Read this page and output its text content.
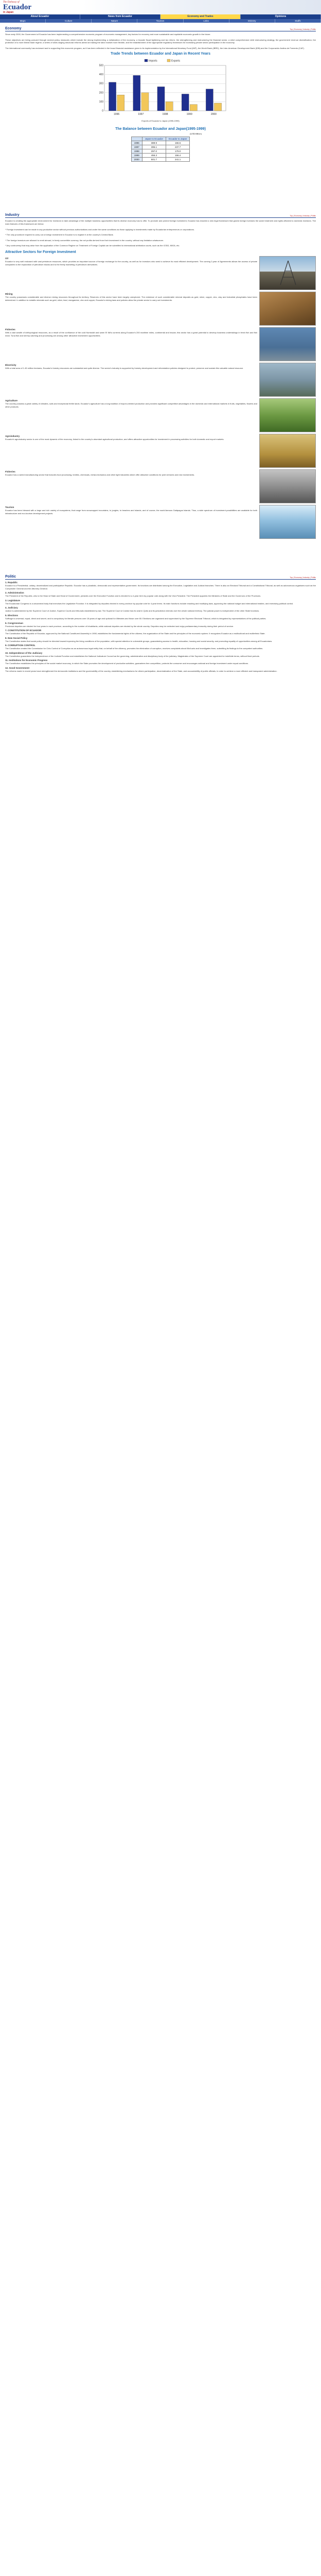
The Embassy of
Ecuador
in Japan
About Ecuador	News from Ecuador	Economy and Trades	Opinions
Maps	Culture	Nature	Tourism	Links	Ministry	Staffs
Economy	Top | Economy | Industry | Politic

Since early 2000, the Government of Ecuador has been implementing a comprehensive economic program of economic management, key factors for recovery and more sustainable and equitable economic growth in the future.

These objectives are being pursued through several policy measures which include the strong implementing a dollarization of the economy, a broader fiscal tightening and tax reform, the strengthening and restructuring the financial sector, a strict comprehensive debt restructuring strategy, the government revenue diversification, the protection of a more liberal trade regime, a series of wide-ranging structural reforms aimed at making the labor market more flexible, and the establishment of the appropriate regulatory framework for increasing private sector participation in the economy.

The international community has endorsed and is supporting this economic program, as it has been reflected in the broad financial assistance given to its implementation by the International Monetary Fund (IMF), the World Bank (IBRD), the Inter-American Development Bank (IDB) and the Corporación Andina de Fomento (CAF).

Trade Trends between Ecuador and Japan in Recent Years
0
100
200
300
400
500
1996	1997	1998	1999	2000
Imports	Exports
Exports of Ecuador to Japan (1995-1999)
The Balance between Ecuador and Japan(1995-1999)
(US$ Million)
	Japan to Ecuador	Ecuador to Japan
1996	389.9	166.5
1997	395.1	237.7
1998	297.0	179.0
1999	455.3	156.4
2000	501.7	241.1
Industry	Top | Economy | Industry | Politic

Ecuador is creating the appropriate environment for investors to take advantage of the multiple business opportunities that its diverse economy has to offer. To promote and protect foreign investment, Ecuador has enacted a new legal framework that grants foreign investors the same treatment and rights afforded to domestic investors. The main features of this framework are below:

* Foreign investment can be made in any productive sector without previous authorizations and under the same conditions as those applying to investments made by Ecuadorian entrepreneurs or corporations.

* The only procedure required to carry out a foreign investment in Ecuador is to register it at the country's Central Bank.

* The foreign investors are allowed to remit abroad, in freely convertible currency, the net profits derived from their investment in the country, without any limitation whatsoever.

* Any controversy that may arise from the application of the Common Regime on Treatment of Foreign Capital can be submitted to international arbitration courts, such as the ICSID, MIGA, etc.

Attractive Sectors for Foreign Investment
Oil
Ecuador is very well endowed with vast petroleum resources, which provides an important source of foreign exchange for the country, as well as for investors who seek to achieve its most efficient development. The coming 2-year of Agreements allows the access of private companies to the exploration of petroleum blocks and to the freely marketing of petroleum derivatives.
Mining
The country possesses considerable and diverse mining resources throughout its territory. Reserves of this sector have been largely unexplored. The existence of such considerable mineral deposits as gold, silver, copper, zinc, clay and industrial phosphates have been determined. In addition to metallic minerals such as gold, silver, lead, manganese, zinc and copper, Ecuador's mining laws and policies allow the private sector to carry out investments.
Fisheries
With a vast wealth of ichthyological resources, as a result of the confluence of the cold Humboldt and warm El Niño currents along Ecuador's 200 maritime miles, continental and insular, this sector has a great potential to develop business undertakings in fresh fish and fish meal. Tuna fish and shrimp catching and processing are among other attractive investment opportunities.
Electricity
With a total area of 1.45 million hectares, Ecuador's forestry resources are substantial and quite diverse. The sector's industry is supported by forestry development and reforestation policies designed to protect, preserve and sustain this valuable natural resource.
Agriculture
The country possess a great variety of climates, soils and exceptional fertile lands. Ecuador's agriculture has a long tradition of export-oriented production and provides significant competitive advantages in the domestic and international markets in fruits, vegetables, flowers and other products.
Agroindustry
Ecuador's agroindustry sector is one of the most dynamic of the economy, linked to the country's abundant agricultural production, and offers attractive opportunities for investment in processing activities for both domestic and export markets.
Fisheries
Ecuador has a varied manufacturing sector that includes food processing, textiles, chemicals, metal-mechanics and other light industries which offer attractive conditions for joint ventures and new investments.
Tourism
Ecuador has been blessed with a large and rich variety of ecosystems, that range from snowcapped mountains, to jungles, to beaches and islands, and of course, the world-famous Galápagos Islands. Thus, a wide spectrum of investment possibilities are available for both infrastructure and eco-tourism development projects.
Politic	Top | Economy | Industry | Politic
1. Republic
Ecuador is a Presidential, unitary, decentralized and participative Republic. Ecuador has a pluralistic, democratic and representative government. Its functions are distributed among the Executive, Legislative and Judicial branches. There is also an Electoral Tribunal and a Constitutional Tribunal, as well as autonomous organisms such as the Comptroller General and the Attorney General.
2. Administration
The President of the Republic, who is the Head of State and Head of Government, presides over the Executive Function and is elected for a 4-year term by popular vote along with the Vice-President. The President appoints the Ministers of State and the Governors of the Provinces.
3. Legislature
The Ecuadorian Congress is a unicameral body that exercises the Legislative Function. It is integrated by deputies elected in every province by popular vote for 4-year terms. Its main functions include enacting and modifying laws, approving the national budget and international treaties, and exercising political control.
4. Judiciary
Justice is administered by the Supreme Court of Justice, Superior Courts and tribunals established by law. The Supreme Court of Justice has its seat in Quito and its jurisdiction extends over the whole national territory. The judicial power is independent of the other State functions.
5. Elections
Suffrage is universal, equal, direct and secret, and is compulsory for literate persons over 18 years of age and optional for illiterates and those over 65. Elections are organized and supervised by the Supreme Electoral Tribunal, which is integrated by representatives of the political parties.
6. Congressman
Provincial deputies are elected for four years in each province, according to the number of inhabitants, while national deputies are elected by the whole country. Deputies may be reelected and enjoy parliamentary immunity during their period of service.
7. CONSTITUTION OF ECUADOR
The Constitution of the Republic of Ecuador, approved by the National Constituent Assembly in 1998, establishes the fundamental rights of the citizens, the organization of the State and the principles of the economic system. It recognizes Ecuador as a multicultural and multiethnic State.
8. New Social Policy
The Constitution states that social policy should be directed toward improving the living conditions of the population, with special attention to vulnerable groups, guaranteeing access to health, education, housing and social security, and promoting equality of opportunities among all Ecuadorians.
9. CORRUPTION CONTROL
The Constitution created the Commission for Civic Control of Corruption as an autonomous legal entity that, on behalf of the citizenry, promotes the elimination of corruption, receives complaints about illicit acts and investigates them, submitting its findings to the competent authorities.
10. Independence of the Judiciary
The Constitution guarantees the independence of the Judicial Function and establishes the National Judicature Council as the governing, administrative and disciplinary body of the judiciary. Magistrates of the Supreme Court are appointed for indefinite terms, without fixed periods.
11. Institutions for Economic Progress
The Constitution establishes the principles of the social market economy, in which the State promotes the development of productive activities, guarantees free competition, protects the consumer and encourages national and foreign investment under equal conditions.
12. Good Government
The reforms made in recent years have strengthened the democratic institutions and the governability of the country, establishing mechanisms for citizen participation, decentralization of the State, and accountability of public officials, in order to achieve a more efficient and transparent administration.
